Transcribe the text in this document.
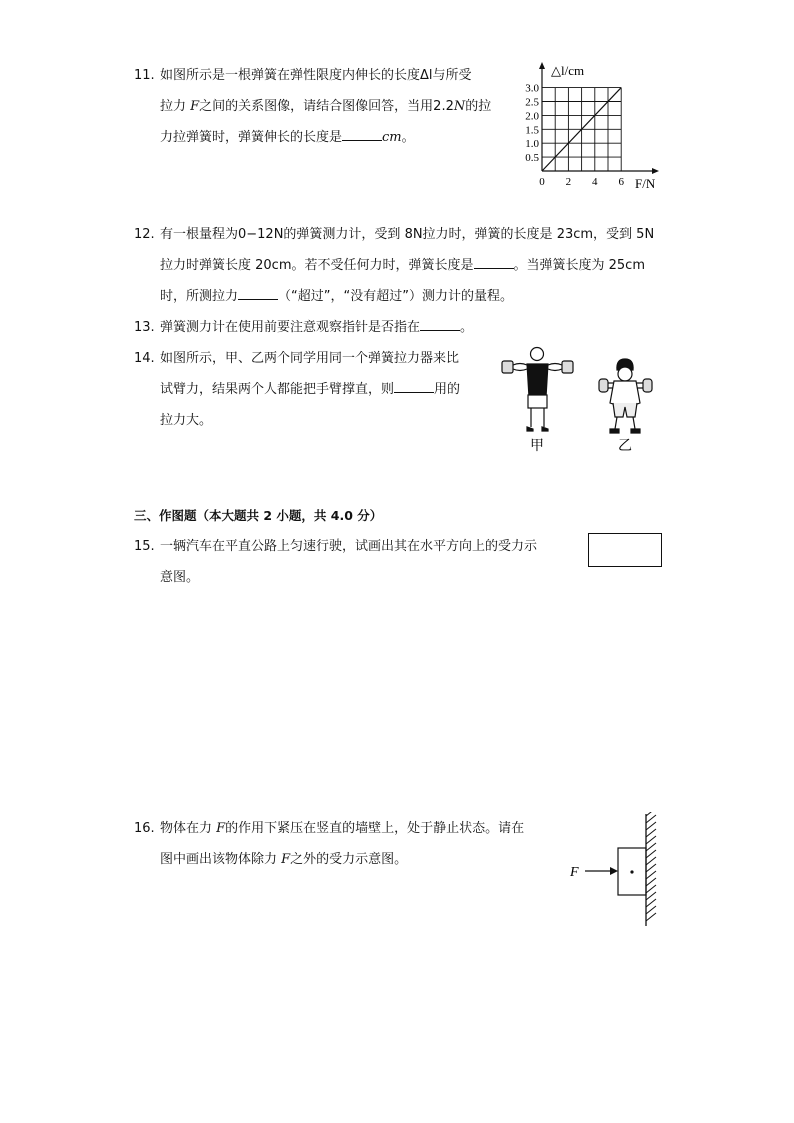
11. 如图所示是一根弹簧在弹性限度内伸长的长度Δl与所受
拉力 F之间的关系图像，请结合图像回答，当用2.2N的拉
力拉弹簧时，弹簧伸长的长度是	cm。
0 2 4 6
0.5
1.0
1.5
2.0
2.5
3.0
△l/cm
F/N
12. 有一根量程为0−12N的弹簧测力计，受到 8N拉力时，弹簧的长度是 23cm，受到 5N
拉力时弹簧长度 20cm。若不受任何力时，弹簧长度是	。当弹簧长度为 25cm
时，所测拉力	（“超过”，“没有超过”）测力计的量程。
13. 弹簧测力计在使用前要注意观察指针是否指在	。
14. 如图所示，甲、乙两个同学用同一个弹簧拉力器来比
试臂力，结果两个人都能把手臂撑直，则	用的
拉力大。
甲	乙
三、作图题（本大题共 2 小题，共 4.0 分）
15. 一辆汽车在平直公路上匀速行驶，试画出其在水平方向上的受力示
意图。
16. 物体在力 F的作用下紧压在竖直的墙壁上，处于静止状态。请在
图中画出该物体除力 F之外的受力示意图。
F
